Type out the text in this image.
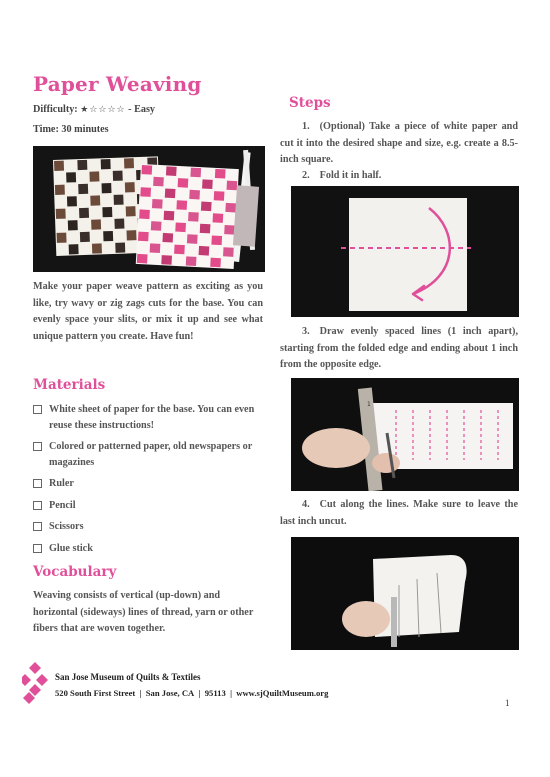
Paper Weaving
Difficulty: ★☆☆☆☆ - Easy
Time: 30 minutes
Make your paper weave pattern as exciting as you like, try wavy or zig zags cuts for the base. You can evenly space your slits, or mix it up and see what unique pattern you create. Have fun!
Materials
White sheet of paper for the base. You can even reuse these instructions!
Colored or patterned paper, old newspapers or magazines
Ruler
Pencil
Scissors
Glue stick
Vocabulary
Weaving consists of vertical (up-down) and horizontal (sideways) lines of thread, yarn or other fibers that are woven together.
Steps
1. (Optional) Take a piece of white paper and cut it into the desired shape and size, e.g. create a 8.5-inch square.
2. Fold it in half.
3. Draw evenly spaced lines (1 inch apart), starting from the folded edge and ending about 1 inch from the opposite edge.
1
4. Cut along the lines. Make sure to leave the last inch uncut.
San Jose Museum of Quilts & Textiles
520 South First Street | San Jose, CA | 95113 | www.sjQuiltMuseum.org
1
